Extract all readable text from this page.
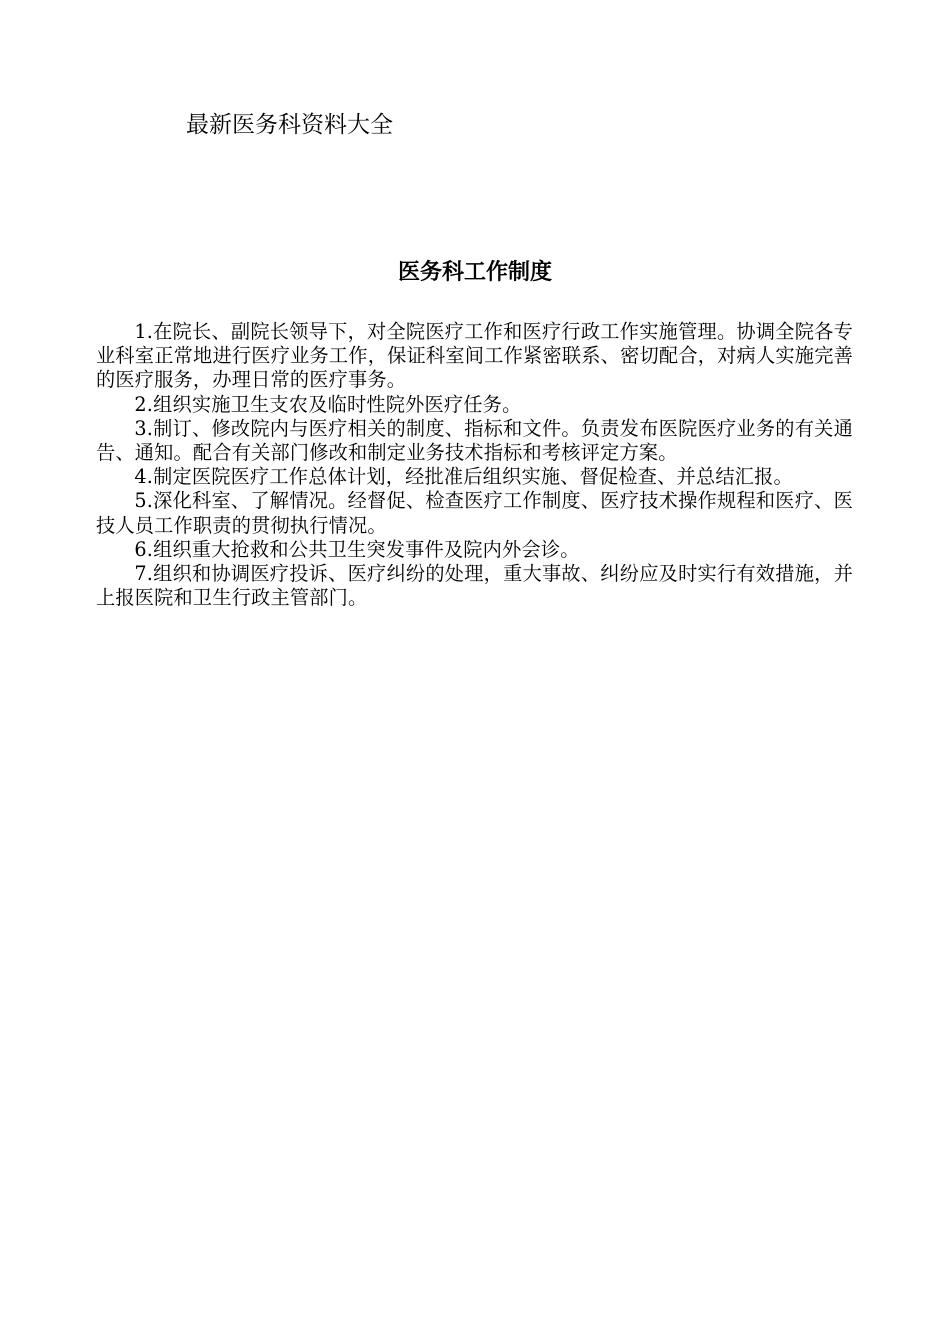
最新医务科资料大全
医务科工作制度

1.在院长、副院长领导下，对全院医疗工作和医疗行政工作实施管理。协调全院各专业科室正常地进行医疗业务工作，保证科室间工作紧密联系、密切配合，对病人实施完善的医疗服务，办理日常的医疗事务。

2.组织实施卫生支农及临时性院外医疗任务。

3.制订、修改院内与医疗相关的制度、指标和文件。负责发布医院医疗业务的有关通告、通知。配合有关部门修改和制定业务技术指标和考核评定方案。

4.制定医院医疗工作总体计划，经批准后组织实施、督促检查、并总结汇报。

5.深化科室、了解情况。经督促、检查医疗工作制度、医疗技术操作规程和医疗、医技人员工作职责的贯彻执行情况。

6.组织重大抢救和公共卫生突发事件及院内外会诊。

7.组织和协调医疗投诉、医疗纠纷的处理，重大事故、纠纷应及时实行有效措施，并上报医院和卫生行政主管部门。
